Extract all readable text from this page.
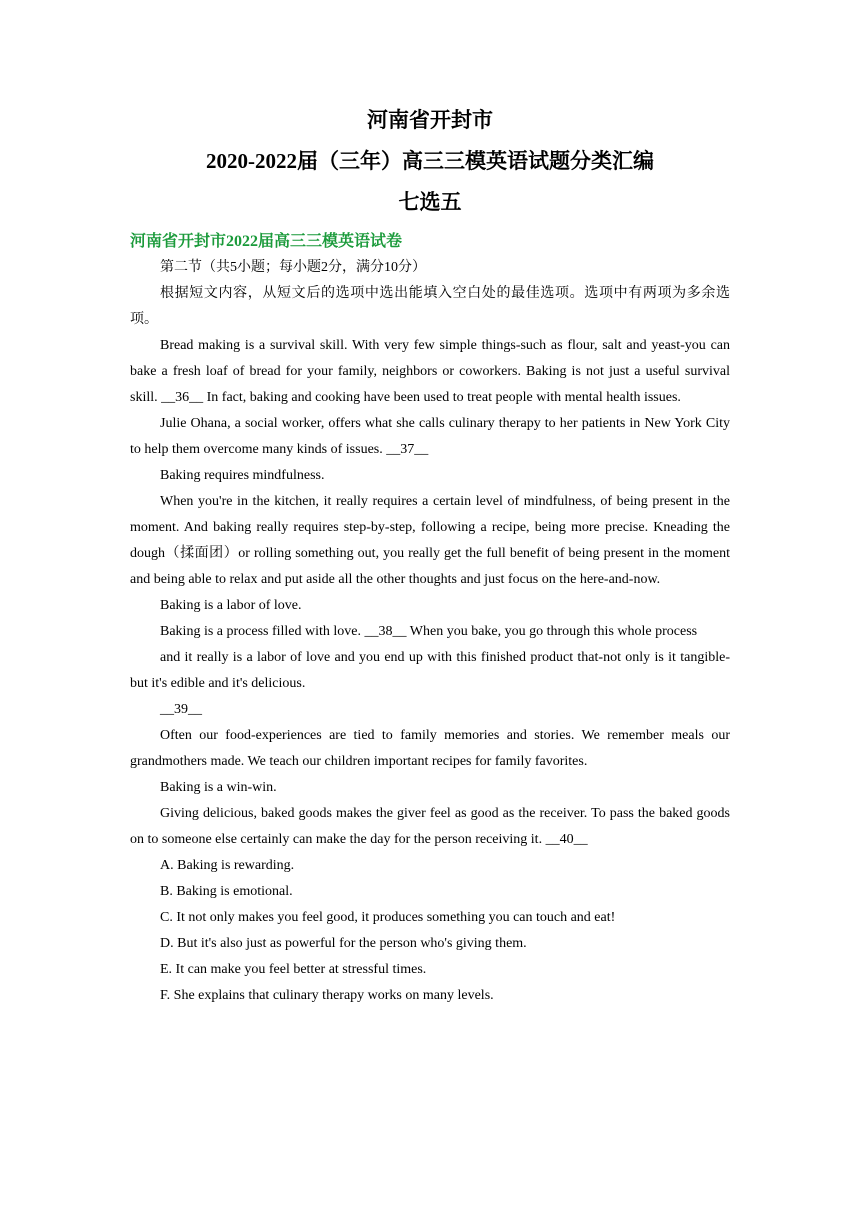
河南省开封市

2020-2022届（三年）高三三模英语试题分类汇编

七选五

河南省开封市2022届高三三模英语试卷

第二节（共5小题；每小题2分，满分10分）

根据短文内容，从短文后的选项中选出能填入空白处的最佳选项。选项中有两项为多余选项。

Bread making is a survival skill. With very few simple things-such as flour, salt and yeast-you can bake a fresh loaf of bread for your family, neighbors or coworkers. Baking is not just a useful survival skill. __36__ In fact, baking and cooking have been used to treat people with mental health issues.

Julie Ohana, a social worker, offers what she calls culinary therapy to her patients in New York City to help them overcome many kinds of issues. __37__

Baking requires mindfulness.

When you're in the kitchen, it really requires a certain level of mindfulness, of being present in the moment. And baking really requires step-by-step, following a recipe, being more precise. Kneading the dough（揉面团）or rolling something out, you really get the full benefit of being present in the moment and being able to relax and put aside all the other thoughts and just focus on the here-and-now.

Baking is a labor of love.

Baking is a process filled with love. __38__ When you bake, you go through this whole process

and it really is a labor of love and you end up with this finished product that-not only is it tangible-but it's edible and it's delicious.

__39__

Often our food-experiences are tied to family memories and stories. We remember meals our grandmothers made. We teach our children important recipes for family favorites.

Baking is a win-win.

Giving delicious, baked goods makes the giver feel as good as the receiver. To pass the baked goods on to someone else certainly can make the day for the person receiving it. __40__

A. Baking is rewarding.

B. Baking is emotional.

C. It not only makes you feel good, it produces something you can touch and eat!

D. But it's also just as powerful for the person who's giving them.

E. It can make you feel better at stressful times.

F. She explains that culinary therapy works on many levels.
